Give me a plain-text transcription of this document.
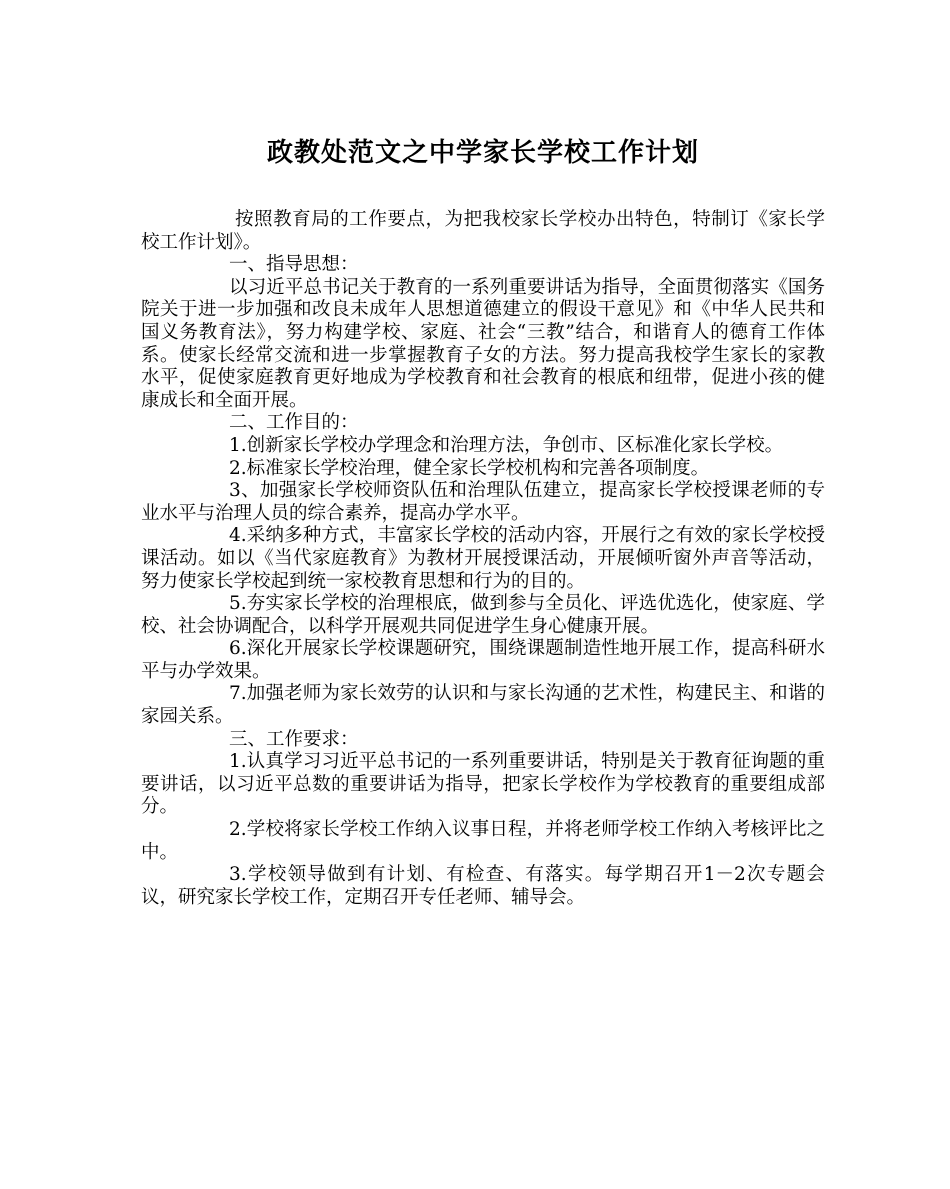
政教处范文之中学家长学校工作计划

按照教育局的工作要点，为把我校家长学校办出特色，特制订《家长学校工作计划》。

一、指导思想：

以习近平总书记关于教育的一系列重要讲话为指导，全面贯彻落实《国务院关于进一步加强和改良未成年人思想道德建立的假设干意见》和《中华人民共和国义务教育法》，努力构建学校、家庭、社会“三教”结合，和谐育人的德育工作体系。使家长经常交流和进一步掌握教育子女的方法。努力提高我校学生家长的家教水平，促使家庭教育更好地成为学校教育和社会教育的根底和纽带，促进小孩的健康成长和全面开展。

二、工作目的：

1.创新家长学校办学理念和治理方法，争创市、区标准化家长学校。

2.标准家长学校治理，健全家长学校机构和完善各项制度。

3、加强家长学校师资队伍和治理队伍建立，提高家长学校授课老师的专业水平与治理人员的综合素养，提高办学水平。

4.采纳多种方式，丰富家长学校的活动内容，开展行之有效的家长学校授课活动。如以《当代家庭教育》为教材开展授课活动，开展倾听窗外声音等活动，努力使家长学校起到统一家校教育思想和行为的目的。

5.夯实家长学校的治理根底，做到参与全员化、评选优选化，使家庭、学校、社会协调配合，以科学开展观共同促进学生身心健康开展。

6.深化开展家长学校课题研究，围绕课题制造性地开展工作，提高科研水平与办学效果。

7.加强老师为家长效劳的认识和与家长沟通的艺术性，构建民主、和谐的家园关系。

三、工作要求：

1.认真学习习近平总书记的一系列重要讲话，特别是关于教育征询题的重要讲话，以习近平总数的重要讲话为指导，把家长学校作为学校教育的重要组成部分。

2.学校将家长学校工作纳入议事日程，并将老师学校工作纳入考核评比之中。

3.学校领导做到有计划、有检查、有落实。每学期召开1－2次专题会议，研究家长学校工作，定期召开专任老师、辅导会。
